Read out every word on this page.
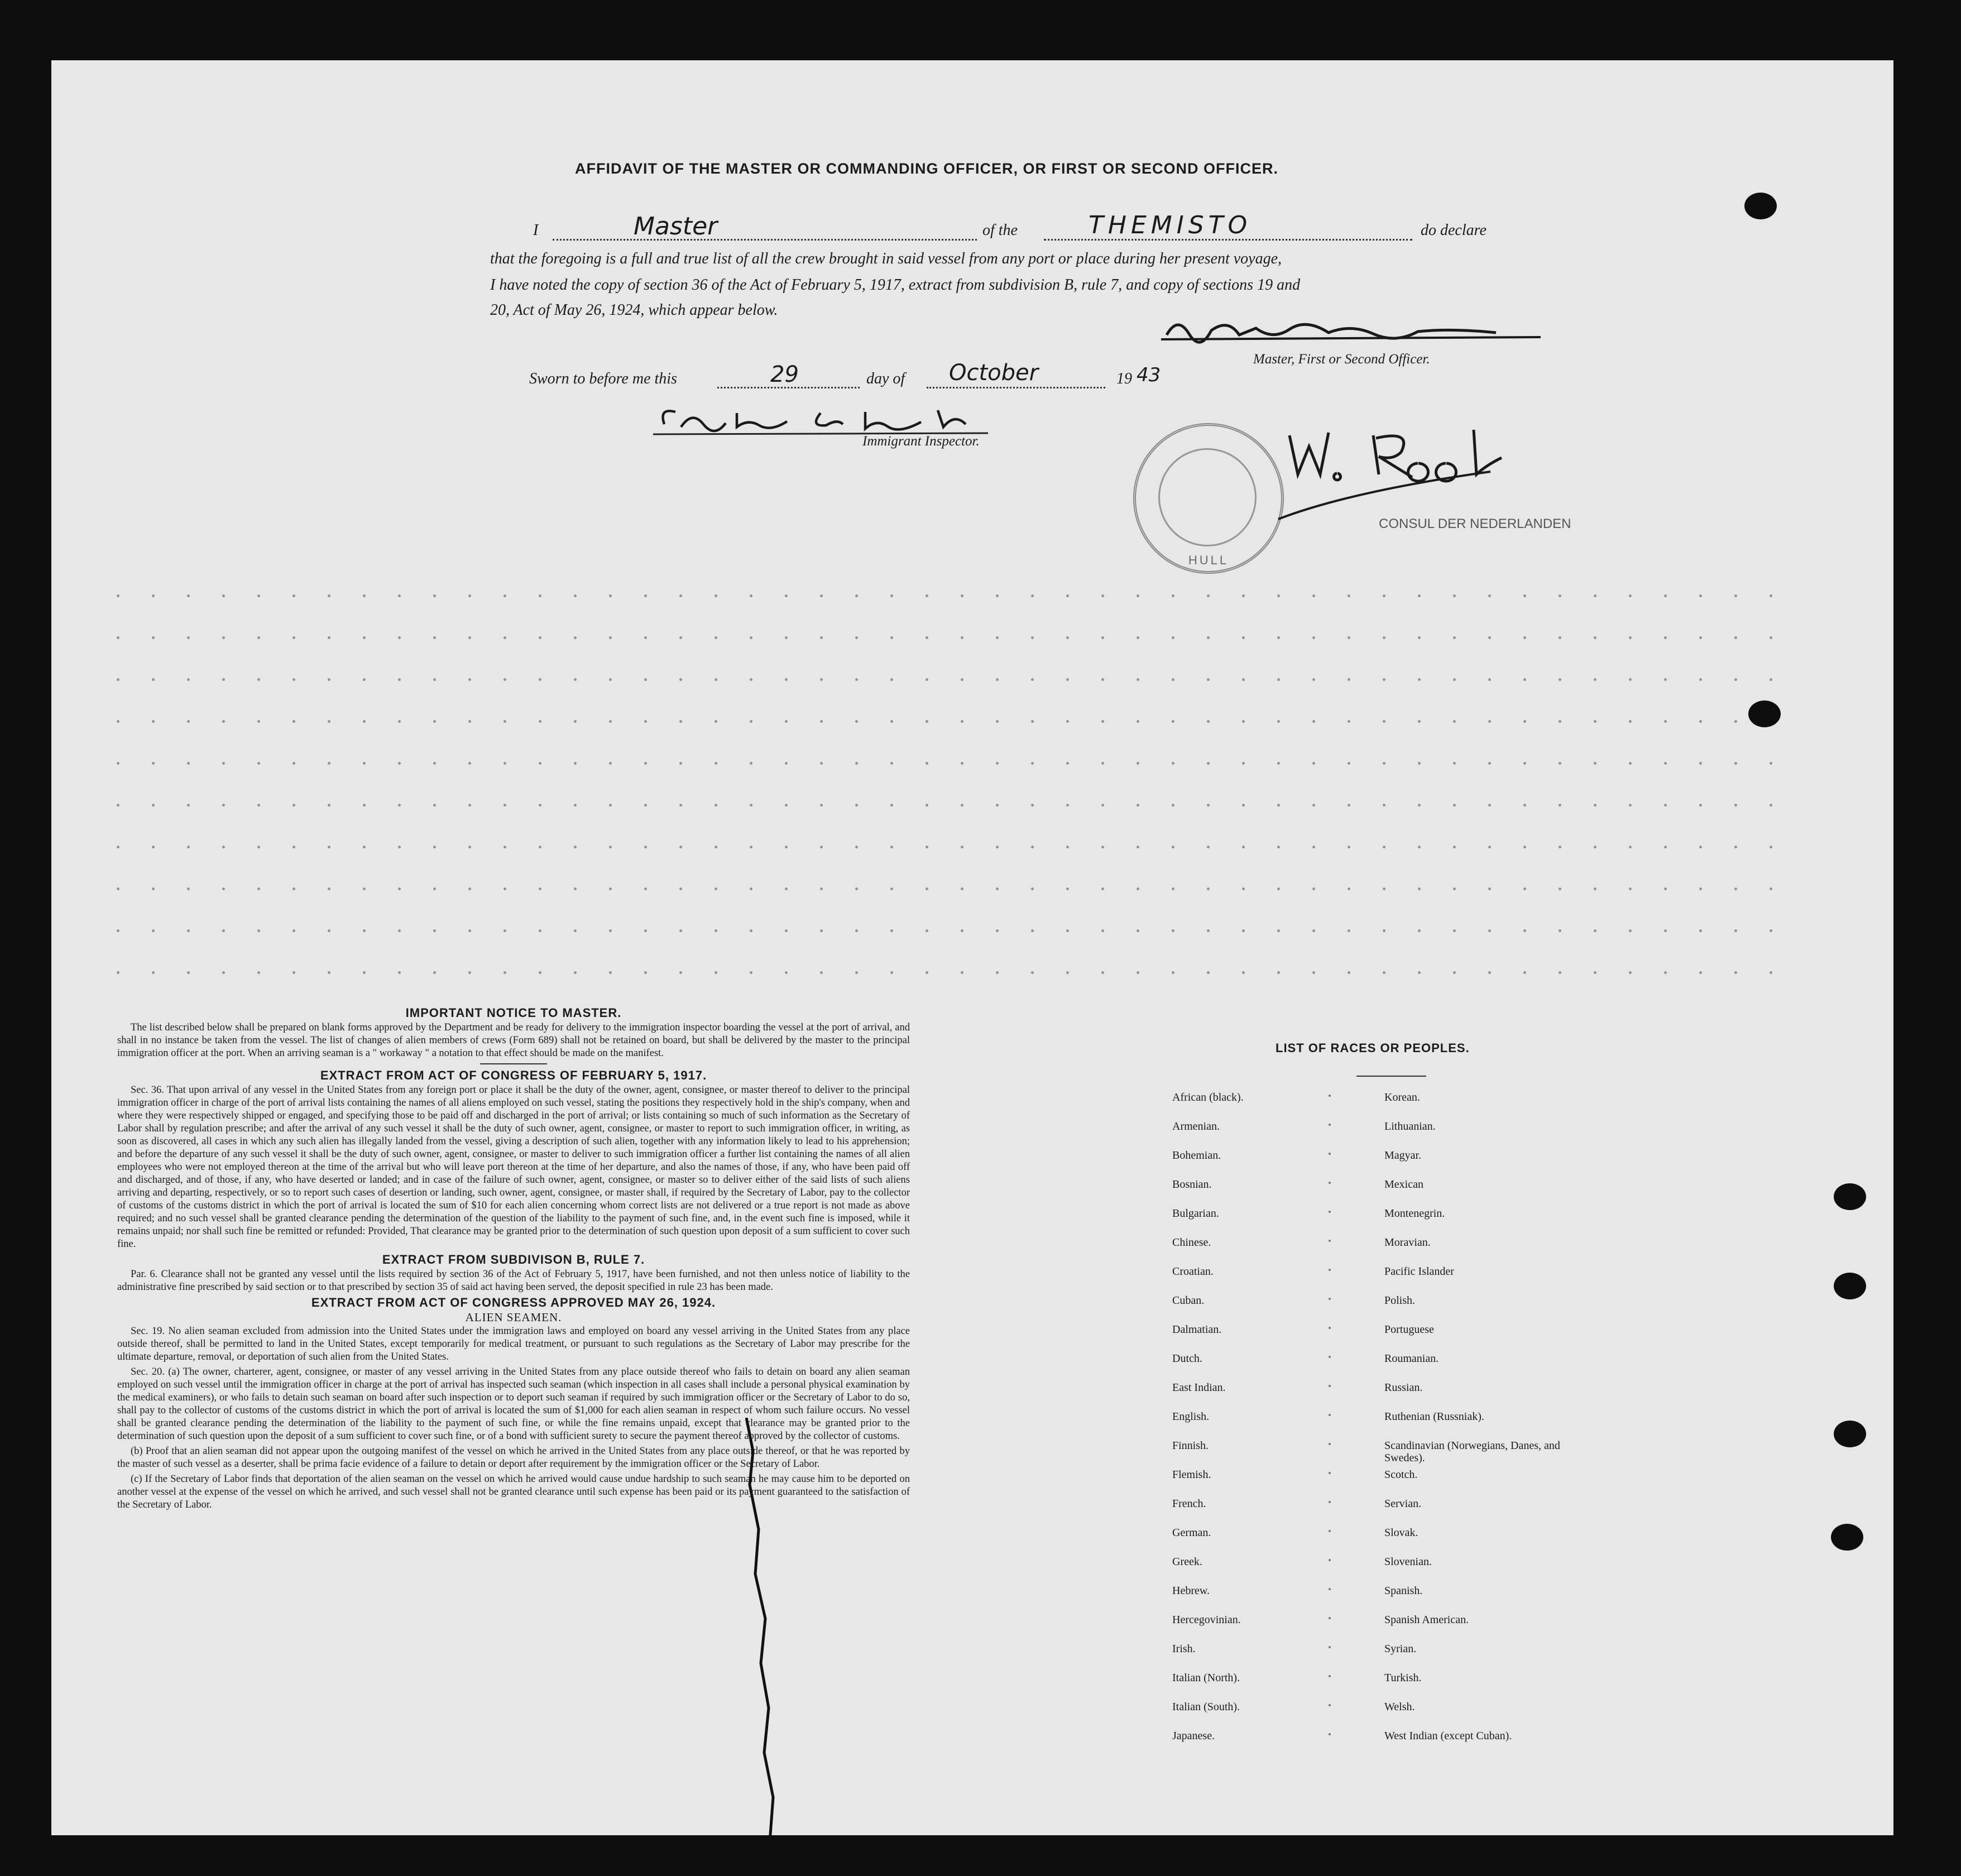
AFFIDAVIT OF THE MASTER OR COMMANDING OFFICER, OR FIRST OR SECOND OFFICER.
I	Master	of the	THEMISTO	do declare
that the foregoing is a full and true list of all the crew brought in said vessel from any port or place during her present voyage,
I have noted the copy of section 36 of the Act of February 5, 1917, extract from subdivision B, rule 7, and copy of sections 19 and
20, Act of May 26, 1924, which appear below.
Master, First or Second Officer.
Sworn to before me this	29	day of October	19 43
Immigrant Inspector.
HULL
CONSUL DER NEDERLANDEN
IMPORTANT NOTICE TO MASTER.

The list described below shall be prepared on blank forms approved by the Department and be ready for delivery to the immigration inspector boarding the vessel at the port of arrival, and shall in no instance be taken from the vessel. The list of changes of alien members of crews (Form 689) shall not be retained on board, but shall be delivered by the master to the principal immigration officer at the port. When an arriving seaman is a " workaway " a notation to that effect should be made on the manifest.

EXTRACT FROM ACT OF CONGRESS OF FEBRUARY 5, 1917.

Sec. 36. That upon arrival of any vessel in the United States from any foreign port or place it shall be the duty of the owner, agent, consignee, or master thereof to deliver to the principal immigration officer in charge of the port of arrival lists containing the names of all aliens employed on such vessel, stating the positions they respectively hold in the ship's company, when and where they were respectively shipped or engaged, and specifying those to be paid off and discharged in the port of arrival; or lists containing so much of such information as the Secretary of Labor shall by regulation prescribe; and after the arrival of any such vessel it shall be the duty of such owner, agent, consignee, or master to report to such immigration officer, in writing, as soon as discovered, all cases in which any such alien has illegally landed from the vessel, giving a description of such alien, together with any information likely to lead to his apprehension; and before the departure of any such vessel it shall be the duty of such owner, agent, consignee, or master to deliver to such immigration officer a further list containing the names of all alien employees who were not employed thereon at the time of the arrival but who will leave port thereon at the time of her departure, and also the names of those, if any, who have been paid off and discharged, and of those, if any, who have deserted or landed; and in case of the failure of such owner, agent, consignee, or master so to deliver either of the said lists of such aliens arriving and departing, respectively, or so to report such cases of desertion or landing, such owner, agent, consignee, or master shall, if required by the Secretary of Labor, pay to the collector of customs of the customs district in which the port of arrival is located the sum of $10 for each alien concerning whom correct lists are not delivered or a true report is not made as above required; and no such vessel shall be granted clearance pending the determination of the question of the liability to the payment of such fine, and, in the event such fine is imposed, while it remains unpaid; nor shall such fine be remitted or refunded: Provided, That clearance may be granted prior to the determination of such question upon deposit of a sum sufficient to cover such fine.

EXTRACT FROM SUBDIVISON B, RULE 7.

Par. 6. Clearance shall not be granted any vessel until the lists required by section 36 of the Act of February 5, 1917, have been furnished, and not then unless notice of liability to the administrative fine prescribed by said section or to that prescribed by section 35 of said act having been served, the deposit specified in rule 23 has been made.

EXTRACT FROM ACT OF CONGRESS APPROVED MAY 26, 1924.

ALIEN SEAMEN.

Sec. 19. No alien seaman excluded from admission into the United States under the immigration laws and employed on board any vessel arriving in the United States from any place outside thereof, shall be permitted to land in the United States, except temporarily for medical treatment, or pursuant to such regulations as the Secretary of Labor may prescribe for the ultimate departure, removal, or deportation of such alien from the United States.

Sec. 20. (a) The owner, charterer, agent, consignee, or master of any vessel arriving in the United States from any place outside thereof who fails to detain on board any alien seaman employed on such vessel until the immigration officer in charge at the port of arrival has inspected such seaman (which inspection in all cases shall include a personal physical examination by the medical examiners), or who fails to detain such seaman on board after such inspection or to deport such seaman if required by such immigration officer or the Secretary of Labor to do so, shall pay to the collector of customs of the customs district in which the port of arrival is located the sum of $1,000 for each alien seaman in respect of whom such failure occurs. No vessel shall be granted clearance pending the determination of the liability to the payment of such fine, or while the fine remains unpaid, except that clearance may be granted prior to the determination of such question upon the deposit of a sum sufficient to cover such fine, or of a bond with sufficient surety to secure the payment thereof approved by the collector of customs.

(b) Proof that an alien seaman did not appear upon the outgoing manifest of the vessel on which he arrived in the United States from any place outside thereof, or that he was reported by the master of such vessel as a deserter, shall be prima facie evidence of a failure to detain or deport after requirement by the immigration officer or the Secretary of Labor.

(c) If the Secretary of Labor finds that deportation of the alien seaman on the vessel on which he arrived would cause undue hardship to such seaman he may cause him to be deported on another vessel at the expense of the vessel on which he arrived, and such vessel shall not be granted clearance until such expense has been paid or its payment guaranteed to the satisfaction of the Secretary of Labor.

LIST OF RACES OR PEOPLES.
African (black).	Korean.
Armenian.	Lithuanian.
Bohemian.	Magyar.
Bosnian.	Mexican
Bulgarian.	Montenegrin.
Chinese.	Moravian.
Croatian.	Pacific Islander
Cuban.	Polish.
Dalmatian.	Portuguese
Dutch.	Roumanian.
East Indian.	Russian.
English.	Ruthenian (Russniak).
Finnish.	Scandinavian (Norwegians, Danes, and Swedes).
Flemish.	Scotch.
French.	Servian.
German.	Slovak.
Greek.	Slovenian.
Hebrew.	Spanish.
Hercegovinian.	Spanish American.
Irish.	Syrian.
Italian (North).	Turkish.
Italian (South).	Welsh.
Japanese.	West Indian (except Cuban).
